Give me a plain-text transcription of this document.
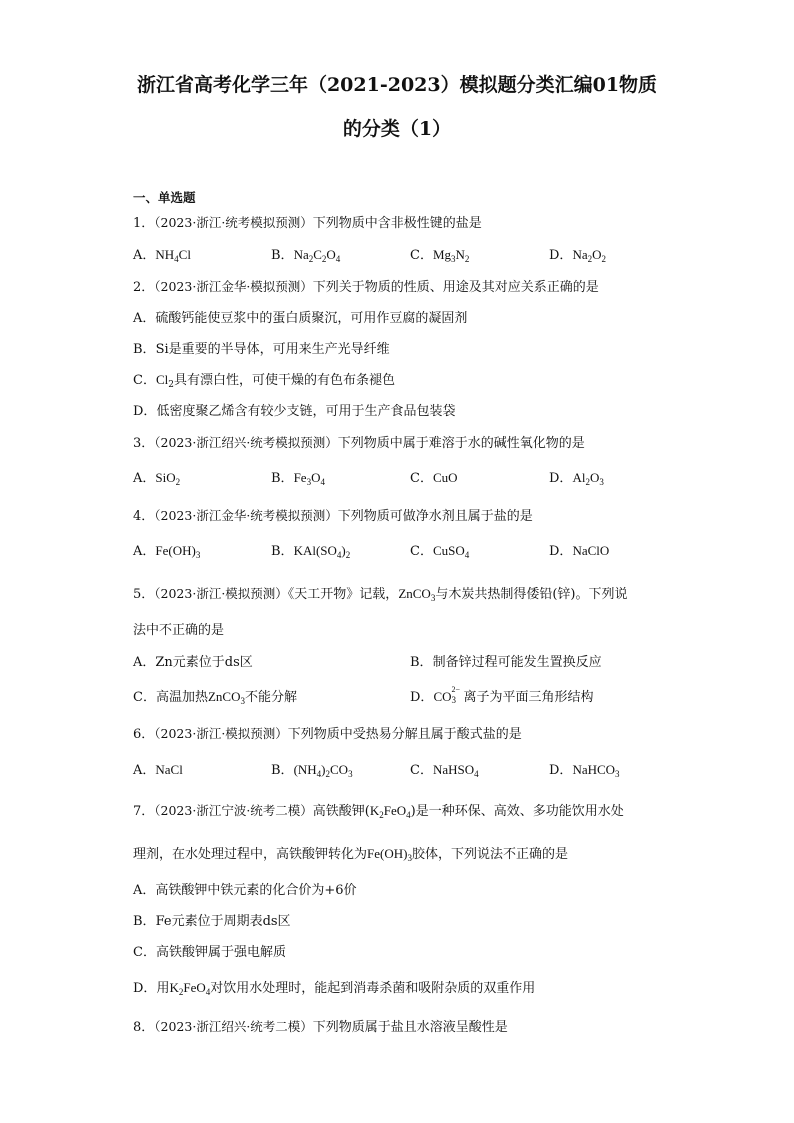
浙江省高考化学三年（2021-2023）模拟题分类汇编01物质
的分类（1）
一、单选题
1．（2023·浙江·统考模拟预测）下列物质中含非极性键的盐是
A．$NH_4Cl$	B．$Na_2C_2O_4$	C．$Mg_3N_2$	D．$Na_2O_2$
2．（2023·浙江金华·模拟预测）下列关于物质的性质、用途及其对应关系正确的是
A．硫酸钙能使豆浆中的蛋白质聚沉，可用作豆腐的凝固剂
B．Si是重要的半导体，可用来生产光导纤维
C．$Cl_2$具有漂白性，可使干燥的有色布条褪色
D．低密度聚乙烯含有较少支链，可用于生产食品包装袋
3．（2023·浙江绍兴·统考模拟预测）下列物质中属于难溶于水的碱性氧化物的是
A．SiO$_2$	B．$Fe_3O_4$	C．CuO	D．$Al_2O_3$
4．（2023·浙江金华·统考模拟预测）下列物质可做净水剂且属于盐的是
A．$Fe(OH)_3$	B．$KAl(SO_4)_2$	C．CuSO$_4$	D．NaClO
5．（2023·浙江·模拟预测）《天工开物》记载，ZnCO$_3$与木炭共热制得倭铅(锌)。下列说
法中不正确的是
A．Zn元素位于ds区	B．制备锌过程可能发生置换反应
C．高温加热ZnCO$_3$不能分解	D．CO 2−
3 离子为平面三角形结构
6．（2023·浙江·模拟预测）下列物质中受热易分解且属于酸式盐的是
A．NaCl	B．$(NH_4)_2CO_3$	C．NaHSO$_4$	D．NaHCO$_3$
7．（2023·浙江宁波·统考二模）高铁酸钾$(K_2FeO_4)$是一种环保、高效、多功能饮用水处
理剂，在水处理过程中，高铁酸钾转化为$Fe(OH)_3$胶体，下列说法不正确的是
A．高铁酸钾中铁元素的化合价为+6价
B．Fe元素位于周期表ds区
C．高铁酸钾属于强电解质
D．用$K_2FeO_4$对饮用水处理时，能起到消毒杀菌和吸附杂质的双重作用
8．（2023·浙江绍兴·统考二模）下列物质属于盐且水溶液呈酸性是
